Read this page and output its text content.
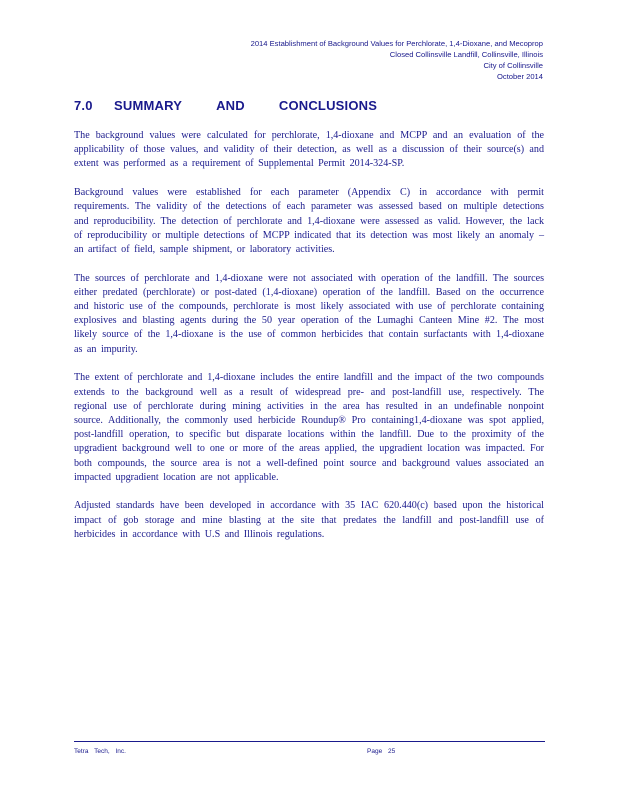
2014 Establishment of Background Values for Perchlorate, 1,4-Dioxane, and Mecoprop
Closed Collinsville Landfill, Collinsville, Illinois
City of Collinsville
October 2014
7.0 SUMMARY	AND	CONCLUSIONS

The background values were calculated for perchlorate, 1,4-dioxane and MCPP and an evaluation of the applicability of those values, and validity of their detection, as well as a discussion of their source(s) and extent was performed as a requirement of Supplemental Permit 2014-324-SP.

Background values were established for each parameter (Appendix C) in accordance with permit requirements. The validity of the detections of each parameter was assessed based on multiple detections and reproducibility. The detection of perchlorate and 1,4-dioxane were assessed as valid. However, the lack of reproducibility or multiple detections of MCPP indicated that its detection was most likely an anomaly – an artifact of field, sample shipment, or laboratory activities.

The sources of perchlorate and 1,4-dioxane were not associated with operation of the landfill. The sources either predated (perchlorate) or post-dated (1,4-dioxane) operation of the landfill. Based on the occurrence and historic use of the compounds, perchlorate is most likely associated with use of perchlorate containing explosives and blasting agents during the 50 year operation of the Lumaghi Canteen Mine #2. The most likely source of the 1,4-dioxane is the use of common herbicides that contain surfactants with 1,4-dioxane as an impurity.

The extent of perchlorate and 1,4-dioxane includes the entire landfill and the impact of the two compounds extends to the background well as a result of widespread pre- and post-landfill use, respectively. The regional use of perchlorate during mining activities in the area has resulted in an undefinable nonpoint source. Additionally, the commonly used herbicide Roundup® Pro containing1,4-dioxane was spot applied, post-landfill operation, to specific but disparate locations within the landfill. Due to the proximity of the upgradient background well to one or more of the areas applied, the upgradient location was impacted. For both compounds, the source area is not a well-defined point source and background values associated an impacted upgradient location are not applicable.

Adjusted standards have been developed in accordance with 35 IAC 620.440(c) based upon the historical impact of gob storage and mine blasting at the site that predates the landfill and post-landfill use of herbicides in accordance with U.S and Illinois regulations.

Tetra Tech, Inc.	Page 25
